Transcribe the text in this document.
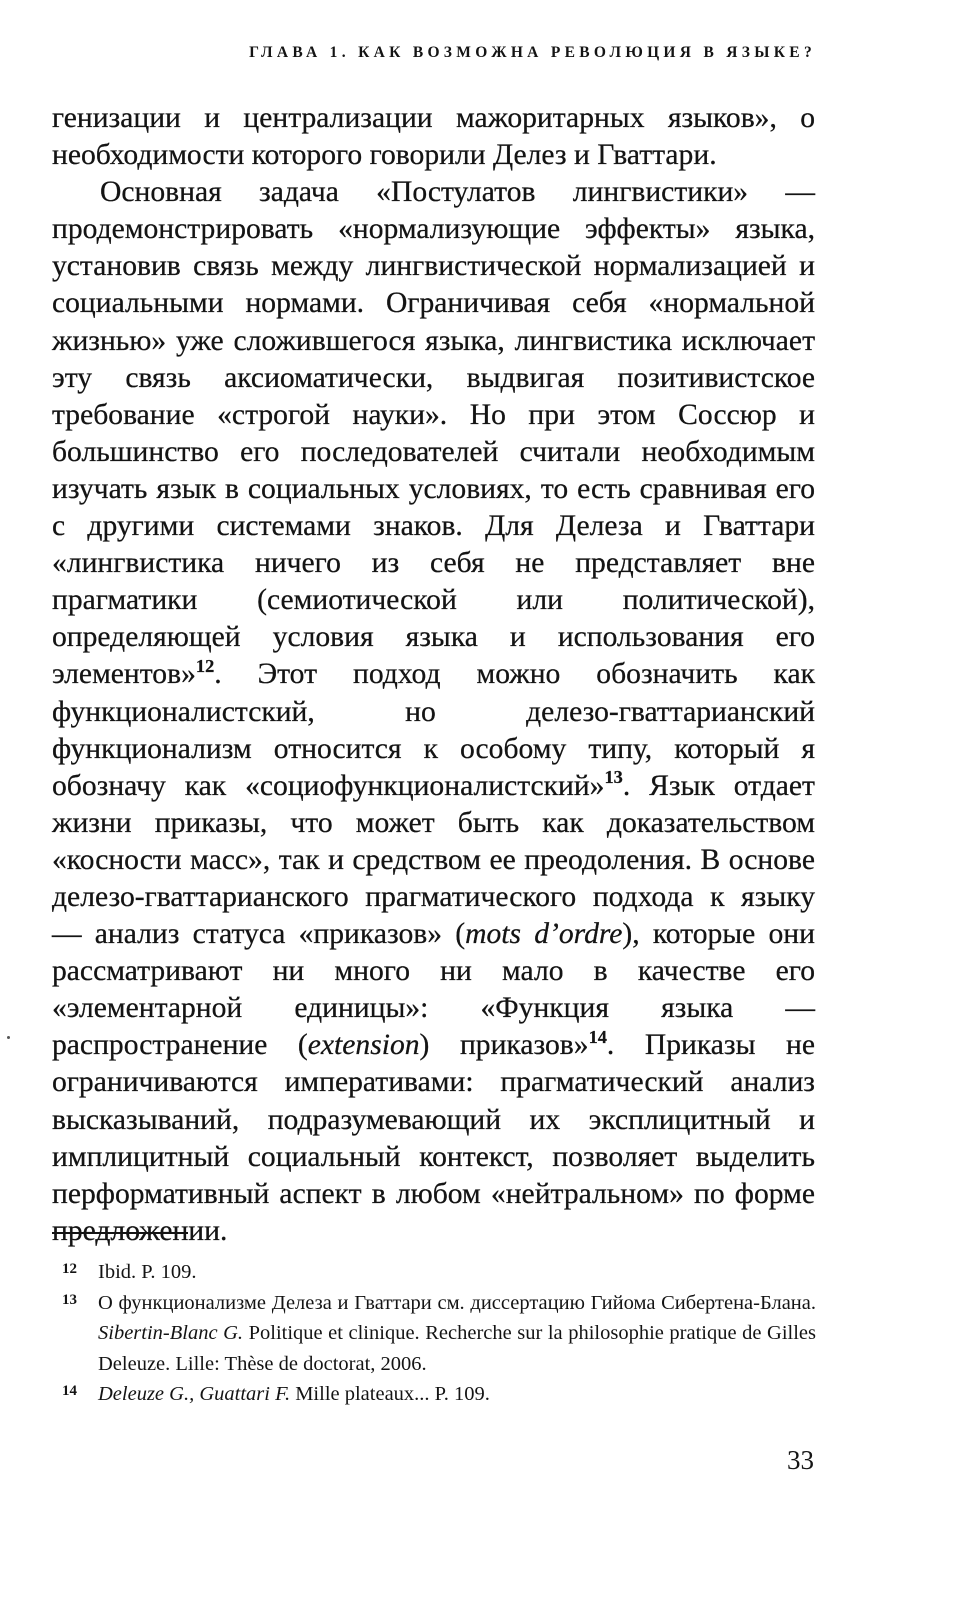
ГЛАВА 1. КАК ВОЗМОЖНА РЕВОЛЮЦИЯ В ЯЗЫКЕ?

генизации и централизации мажоритарных языков», о необходимости которого говорили Делез и Гваттари.

Основная задача «Постулатов лингвистики» — продемонстрировать «нормализующие эффекты» языка, установив связь между лингвистической нормализацией и социальными нормами. Ограничивая себя «нормальной жизнью» уже сложившегося языка, лингвистика исключает эту связь аксиоматически, выдвигая позитивистское требование «строгой науки». Но при этом Соссюр и большинство его последователей считали необходимым изучать язык в социальных условиях, то есть сравнивая его с другими системами знаков. Для Делеза и Гваттари «лингвистика ничего из себя не представляет вне прагматики (семиотической или политической), определяющей условия языка и использования его элементов»$^{12}$. Этот подход можно обозначить как функционалистский, но делезо-гваттарианский функционализм относится к особому типу, который я обозначу как «социофункционалистский»$^{13}$. Язык отдает жизни приказы, что может быть как доказательством «косности масс», так и средством ее преодоления. В основе делезо-гваттарианского прагматического подхода к языку — анализ статуса «приказов» (mots d’ordre), которые они рассматривают ни много ни мало в качестве его «элементарной единицы»: «Функция языка — распространение (extension) приказов»$^{14}$. Приказы не ограничиваются императивами: прагматический анализ высказываний, подразумевающий их эксплицитный и имплицитный социальный контекст, позволяет выделить перформативный аспект в любом «нейтральном» по форме предложении.

12 Ibid. P. 109.
13 О функционализме Делеза и Гваттари см. диссертацию Гийома Сибертена-Блана. Sibertin-Blanc G. Politique et clinique. Recherche sur la philosophie pratique de Gilles Deleuze. Lille: Thèse de doctorat, 2006.
14 Deleuze G., Guattari F. Mille plateaux... P. 109.
33
